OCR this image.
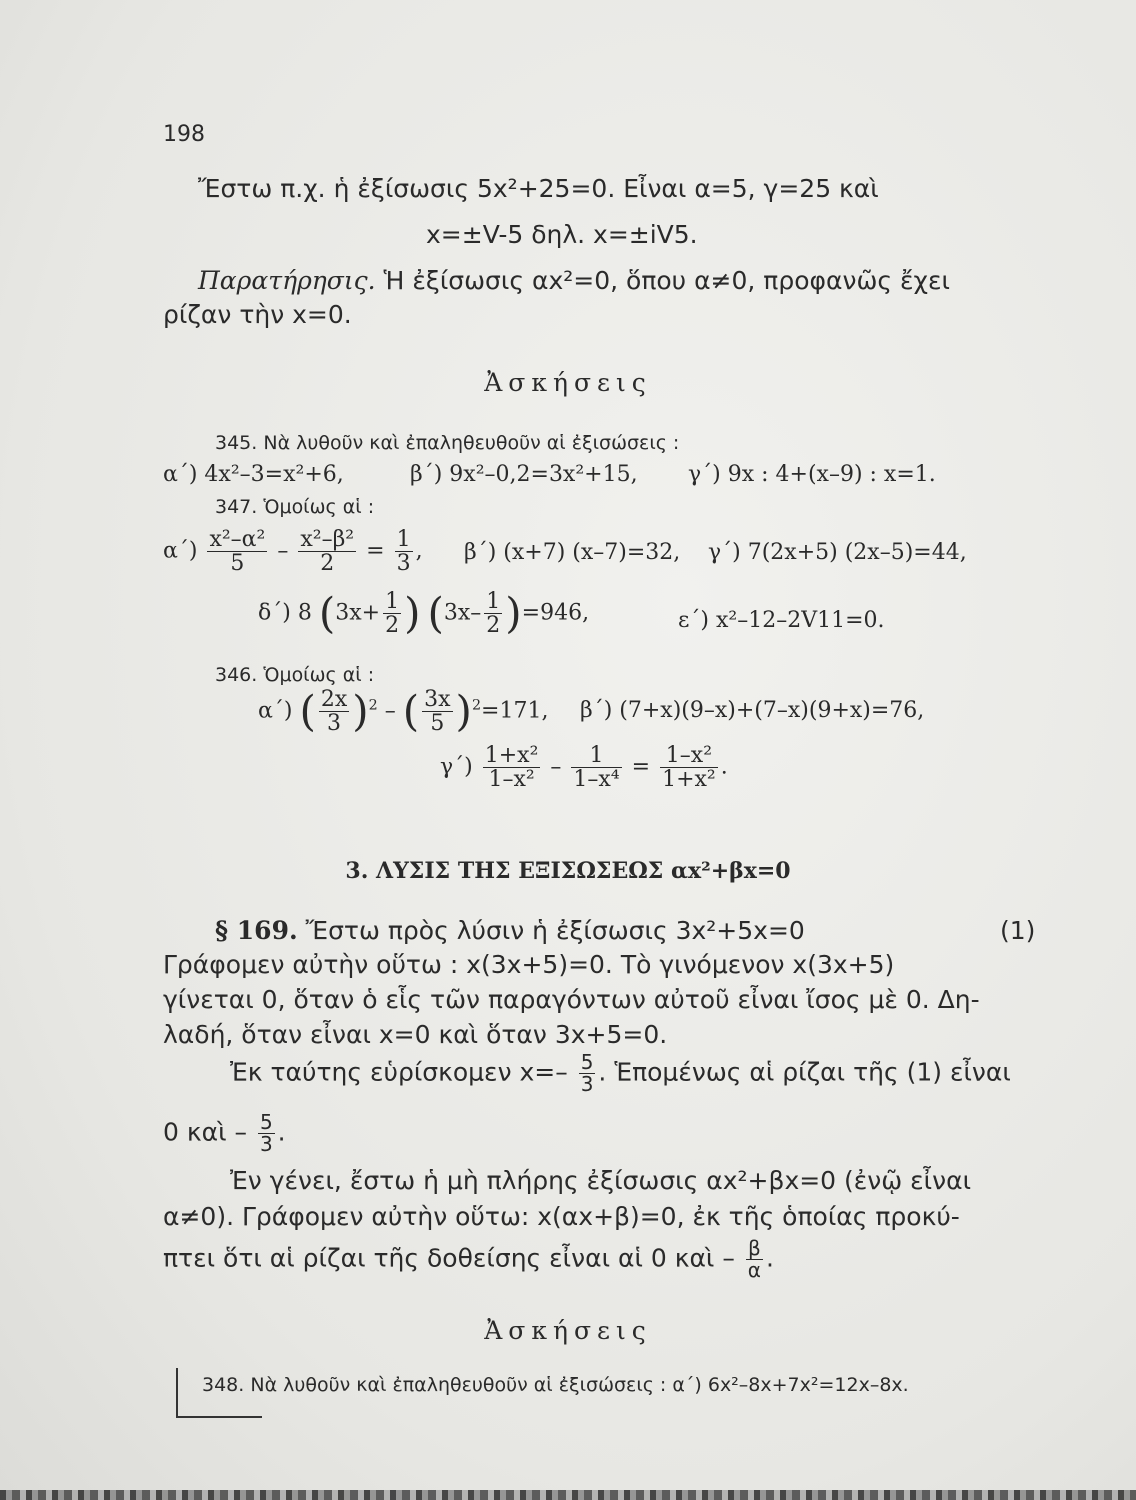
198
Ἔστω π.χ. ἡ ἐξίσωσις 5x²+25=0. Εἶναι α=5, γ=25 καὶ
x=±V-5 δηλ. x=±iV5.
Παρατήρησις. Ἡ ἐξίσωσις αx²=0, ὅπου α≠0, προφανῶς ἔχει
ρίζαν τὴν x=0.
Ἀσκήσεις
345. Νὰ λυθοῦν καὶ ἐπαληθευθοῦν αἱ ἐξισώσεις :
α΄) 4x²–3=x²+6,	β΄) 9x²–0,2=3x²+15, γ΄) 9x : 4+(x–9) : x=1.
347. Ὁμοίως αἱ :
$\alpha΄) \frac{\text{x²–α²}}{5} - \frac{\text{x²–β²}}{2} = \frac{1}{3}$ , β΄) (x+7) (x–7)=32, γ΄) 7(2x+5) (2x–5)=44,
δ΄) 8 ($3x+ \frac{1}{2}$ ) $(3x- \frac{1}{2} )=946$,	ε΄) x²–12–2V11=0.
346. Ὁμοίως αἱ :
α΄) ( $\frac{2x}{3} )^2$ – ( $\frac{3x}{5} )^2=171$, β΄) (7+x)(9–x)+(7–x)(9+x)=76,
$\gamma΄) \frac{\text{1+x²}}{\text{1–x²}} - \frac{1}{\text{1–x⁴}} = \frac{\text{1–x²}}{\text{1+x²}}$ .
3. ΛΥΣΙΣ ΤΗΣ ΕΞΙΣΩΣΕΩΣ αx²+βx=0
§ 169. Ἔστω πρὸς λύσιν ἡ ἐξίσωσις 3x²+5x=0	(1)
Γράφομεν αὐτὴν οὕτω : x(3x+5)=0. Τὸ γινόμενον x(3x+5)
γίνεται 0, ὅταν ὁ εἷς τῶν παραγόντων αὐτοῦ εἶναι ἴσος μὲ 0. Δη-
λαδή, ὅταν εἶναι x=0 καὶ ὅταν 3x+5=0.
Ἐκ ταύτης εὑρίσκομεν $x=- \frac{5}{3}$ . Ἑπομένως αἱ ρίζαι τῆς (1) εἶναι
0 καὶ – $\frac{5}{3}$ .
Ἐν γένει, ἔστω ἡ μὴ πλήρης ἐξίσωσις αx²+βx=0 (ἐνῷ εἶναι
α≠0). Γράφομεν αὐτὴν οὕτω: x(αx+β)=0, ἐκ τῆς ὁποίας προκύ-
πτει ὅτι αἱ ρίζαι τῆς δοθείσης εἶναι αἱ 0 καὶ – $\frac{\beta}{\alpha}$ .
Ἀσκήσεις
348. Νὰ λυθοῦν καὶ ἐπαληθευθοῦν αἱ ἐξισώσεις : α΄) 6x²–8x+7x²=12x–8x.
